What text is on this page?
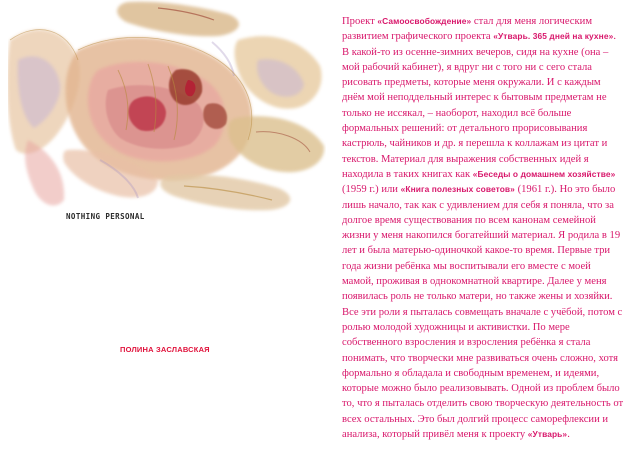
NOTHING PERSONAL
ПОЛИНА ЗАСЛАВСКАЯ

Проект «Самоосвобождение» стал для меня логическим развитием графического проекта «Утварь. 365 дней на кухне». В какой-то из осенне-зимних вечеров, сидя на кухне (она – мой рабочий кабинет), я вдруг ни с того ни с сего стала рисовать предметы, которые меня окружали. И с каждым днём мой неподдельный интерес к бытовым предметам не только не иссякал, – наоборот, находил всё больше формальных решений: от детального прорисовывания кастрюль, чайников и др. я перешла к коллажам из цитат и текстов. Материал для выражения собственных идей я находила в таких книгах как «Беседы о домашнем хозяйстве» (1959 г.) или «Книга полезных советов» (1961 г.). Но это было лишь начало, так как с удивлением для себя я поняла, что за долгое время существования по всем канонам семейной жизни у меня накопился богатейший материал. Я родила в 19 лет и была матерью-одиночкой какое-то время. Первые три года жизни ребёнка мы воспитывали его вместе с моей мамой, проживая в однокомнатной квартире. Далее у меня появилась роль не только матери, но также жены и хозяйки. Все эти роли я пыталась совмещать вначале с учёбой, потом с ролью молодой художницы и активистки. По мере собственного взросления и взросления ребёнка я стала понимать, что творчески мне развиваться очень сложно, хотя формально я обладала и свободным временем, и идеями, которые можно было реализовывать. Одной из проблем было то, что я пыталась отделить свою творческую деятельность от всех остальных. Это был долгий процесс саморефлексии и анализа, который привёл меня к проекту «Утварь».
